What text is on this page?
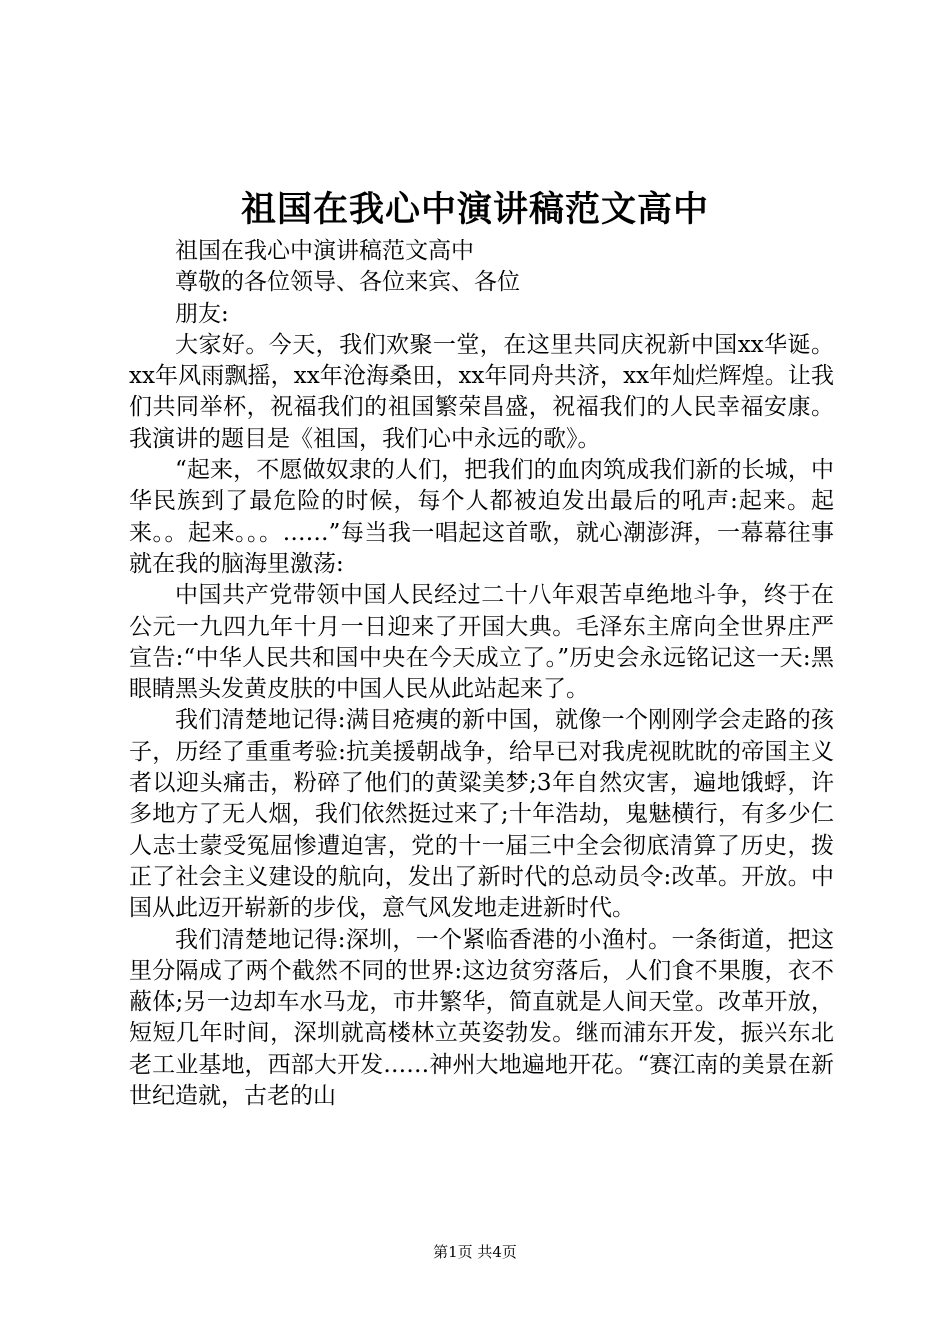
祖国在我心中演讲稿范文高中

祖国在我心中演讲稿范文高中

尊敬的各位领导、各位来宾、各位

朋友:

大家好。今天，我们欢聚一堂，在这里共同庆祝新中国xx华诞。xx年风雨飘摇，xx年沧海桑田，xx年同舟共济，xx年灿烂辉煌。让我们共同举杯，祝福我们的祖国繁荣昌盛，祝福我们的人民幸福安康。我演讲的题目是《祖国，我们心中永远的歌》。

“起来，不愿做奴隶的人们，把我们的血肉筑成我们新的长城，中华民族到了最危险的时候，每个人都被迫发出最后的吼声:起来。起来。。起来。。。……”每当我一唱起这首歌，就心潮澎湃，一幕幕往事就在我的脑海里激荡:

中国共产党带领中国人民经过二十八年艰苦卓绝地斗争，终于在公元一九四九年十月一日迎来了开国大典。毛泽东主席向全世界庄严宣告:“中华人民共和国中央在今天成立了。”历史会永远铭记这一天:黑眼睛黑头发黄皮肤的中国人民从此站起来了。

我们清楚地记得:满目疮痍的新中国，就像一个刚刚学会走路的孩子，历经了重重考验:抗美援朝战争，给早已对我虎视眈眈的帝国主义者以迎头痛击，粉碎了他们的黄粱美梦;3年自然灾害，遍地饿蜉，许多地方了无人烟，我们依然挺过来了;十年浩劫，鬼魅横行，有多少仁人志士蒙受冤屈惨遭迫害，党的十一届三中全会彻底清算了历史，拨正了社会主义建设的航向，发出了新时代的总动员令:改革。开放。中国从此迈开崭新的步伐，意气风发地走进新时代。

我们清楚地记得:深圳，一个紧临香港的小渔村。一条街道，把这里分隔成了两个截然不同的世界:这边贫穷落后，人们食不果腹，衣不蔽体;另一边却车水马龙，市井繁华，简直就是人间天堂。改革开放，短短几年时间，深圳就高楼林立英姿勃发。继而浦东开发，振兴东北老工业基地，西部大开发……神州大地遍地开花。“赛江南的美景在新世纪造就，古老的山

第1页 共4页
